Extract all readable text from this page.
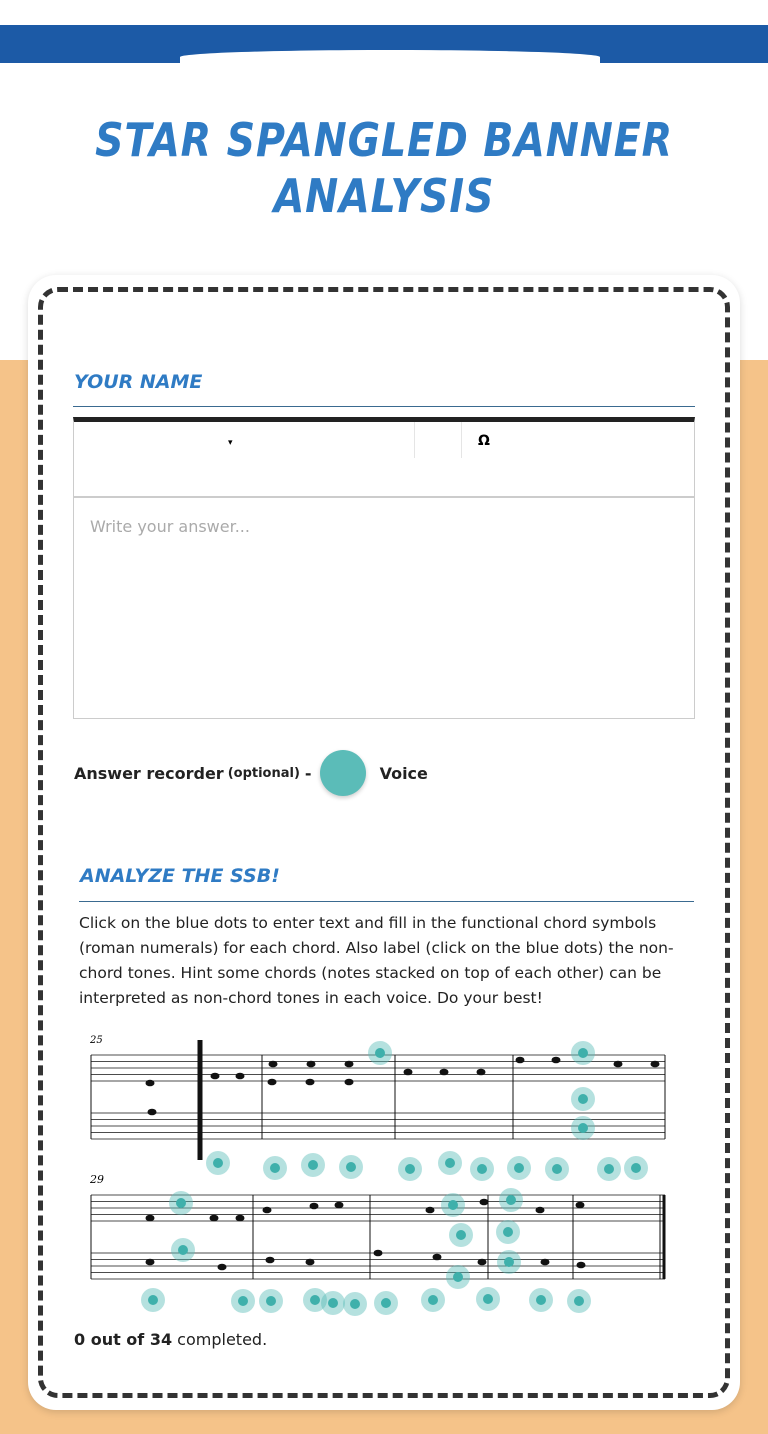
STAR SPANGLED BANNER ANALYSIS
YOUR NAME
▾	Ω
Write your answer...
Answer recorder (optional) -	Voice
ANALYZE THE SSB!

Click on the blue dots to enter text and fill in the functional chord symbols (roman numerals) for each chord. Also label (click on the blue dots) the non-chord tones. Hint some chords (notes stacked on top of each other) can be interpreted as non-chord tones in each voice. Do your best!

0 out of 34 completed.
25
29
